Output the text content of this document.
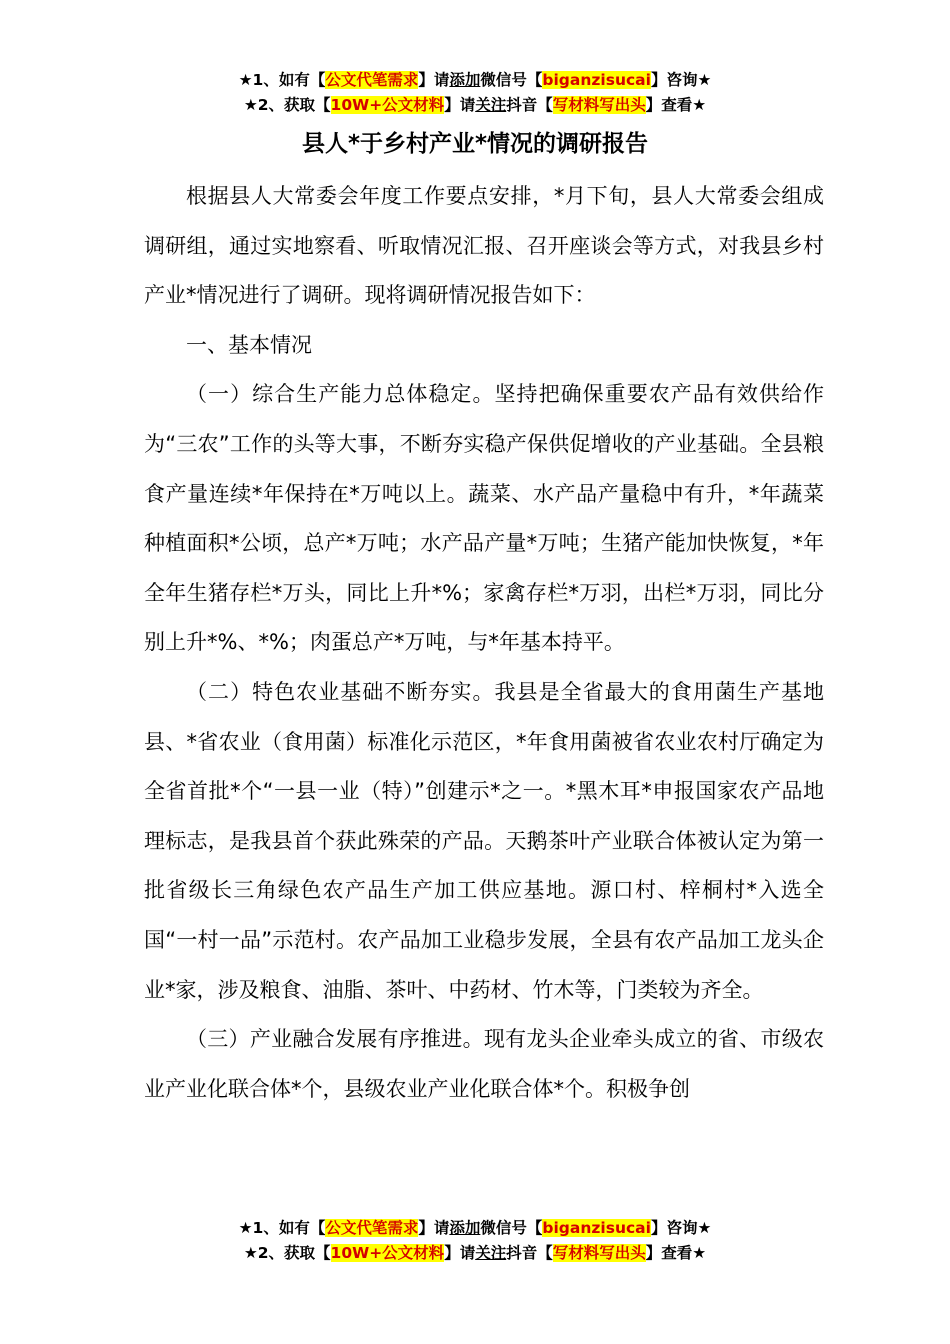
★1、如有【公文代笔需求】请添加微信号【biganzisucai】咨询★
★2、获取【10W+公文材料】请关注抖音【写材料写出头】查看★
县人*于乡村产业*情况的调研报告

根据县人大常委会年度工作要点安排，*月下旬，县人大常委会组成调研组，通过实地察看、听取情况汇报、召开座谈会等方式，对我县乡村产业*情况进行了调研。现将调研情况报告如下：

一、基本情况

（一）综合生产能力总体稳定。坚持把确保重要农产品有效供给作为“三农”工作的头等大事，不断夯实稳产保供促增收的产业基础。全县粮食产量连续*年保持在*万吨以上。蔬菜、水产品产量稳中有升，*年蔬菜种植面积*公顷，总产*万吨；水产品产量*万吨；生猪产能加快恢复，*年全年生猪存栏*万头，同比上升*%；家禽存栏*万羽，出栏*万羽，同比分别上升*%、*%；肉蛋总产*万吨，与*年基本持平。

（二）特色农业基础不断夯实。我县是全省最大的食用菌生产基地县、*省农业（食用菌）标准化示范区，*年食用菌被省农业农村厅确定为全省首批*个“一县一业（特）”创建示*之一。*黑木耳*申报国家农产品地理标志，是我县首个获此殊荣的产品。天鹅茶叶产业联合体被认定为第一批省级长三角绿色农产品生产加工供应基地。源口村、梓桐村*入选全国“一村一品”示范村。农产品加工业稳步发展，全县有农产品加工龙头企业*家，涉及粮食、油脂、茶叶、中药材、竹木等，门类较为齐全。

（三）产业融合发展有序推进。现有龙头企业牵头成立的省、市级农业产业化联合体*个，县级农业产业化联合体*个。积极争创

★1、如有【公文代笔需求】请添加微信号【biganzisucai】咨询★
★2、获取【10W+公文材料】请关注抖音【写材料写出头】查看★
